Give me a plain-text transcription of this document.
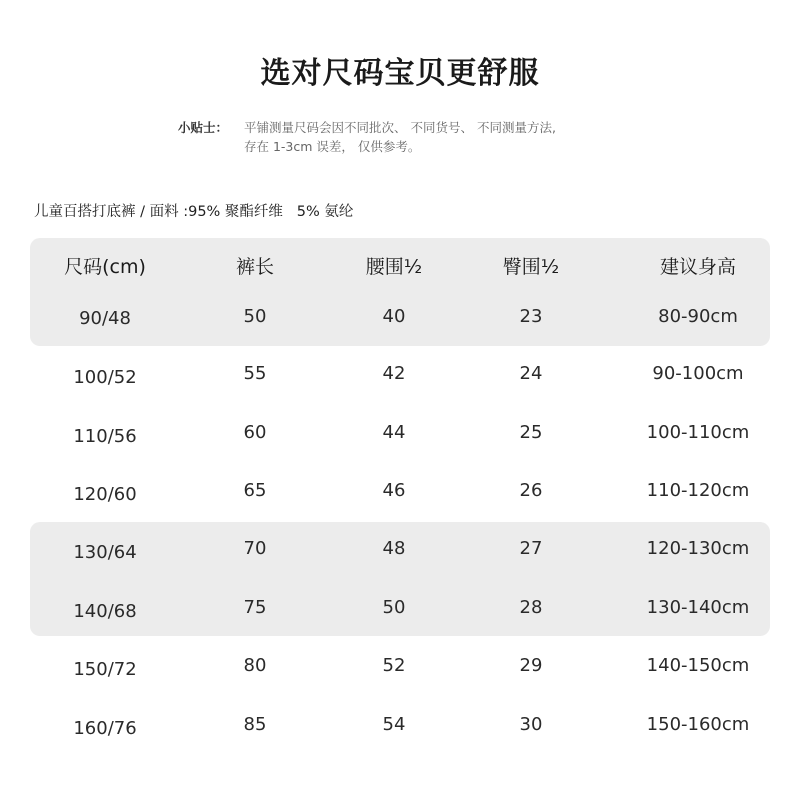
选对尺码宝贝更舒服
小贴士：	平铺测量尺码会因不同批次、 不同货号、 不同测量方法,
存在 1-3cm 误差， 仅供参考。
儿童百搭打底裤 / 面料 :95% 聚酯纤维   5% 氨纶
尺码(cm)	裤长	腰围½	臀围½	建议身高
90/48	50	40	23	80-90cm
100/52	55	42	24	90-100cm
110/56	60	44	25	100-110cm
120/60	65	46	26	110-120cm
130/64	70	48	27	120-130cm
140/68	75	50	28	130-140cm
150/72	80	52	29	140-150cm
160/76	85	54	30	150-160cm
